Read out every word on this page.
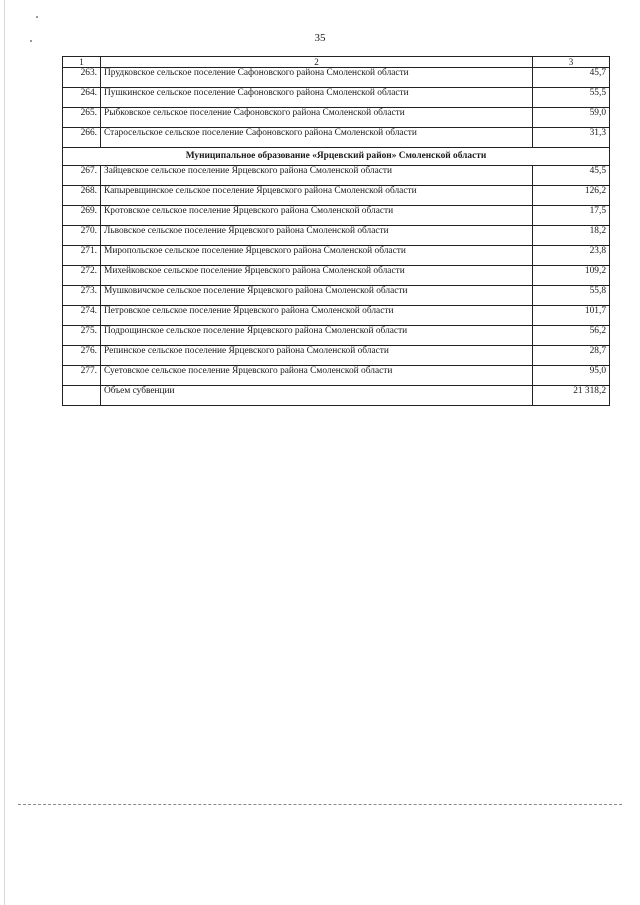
35
1	2	3
263.	Прудковское сельское поселение Сафоновского района Смоленской области	45,7
264.	Пушкинское сельское поселение Сафоновского района Смоленской области	55,5
265.	Рыбковское сельское поселение Сафоновского района Смоленской области	59,0
266.	Старосельское сельское поселение Сафоновского района Смоленской области	31,3
Муниципальное образование «Ярцевский район» Смоленской области		
267.	Зайцевское сельское поселение Ярцевского района Смоленской области	45,5
268.	Капыревщинское сельское поселение Ярцевского района Смоленской области	126,2
269.	Кротовское сельское поселение Ярцевского района Смоленской области	17,5
270.	Львовское сельское поселение Ярцевского района Смоленской области	18,2
271.	Миропольское сельское поселение Ярцевского района Смоленской области	23,8
272.	Михейковское сельское поселение Ярцевского района Смоленской области	109,2
273.	Мушковичское сельское поселение Ярцевского района Смоленской области	55,8
274.	Петровское сельское поселение Ярцевского района Смоленской области	101,7
275.	Подрощинское сельское поселение Ярцевского района Смоленской области	56,2
276.	Репинское сельское поселение Ярцевского района Смоленской области	28,7
277.	Суетовское сельское поселение Ярцевского района Смоленской области	95,0
	Объем субвенции	21 318,2
